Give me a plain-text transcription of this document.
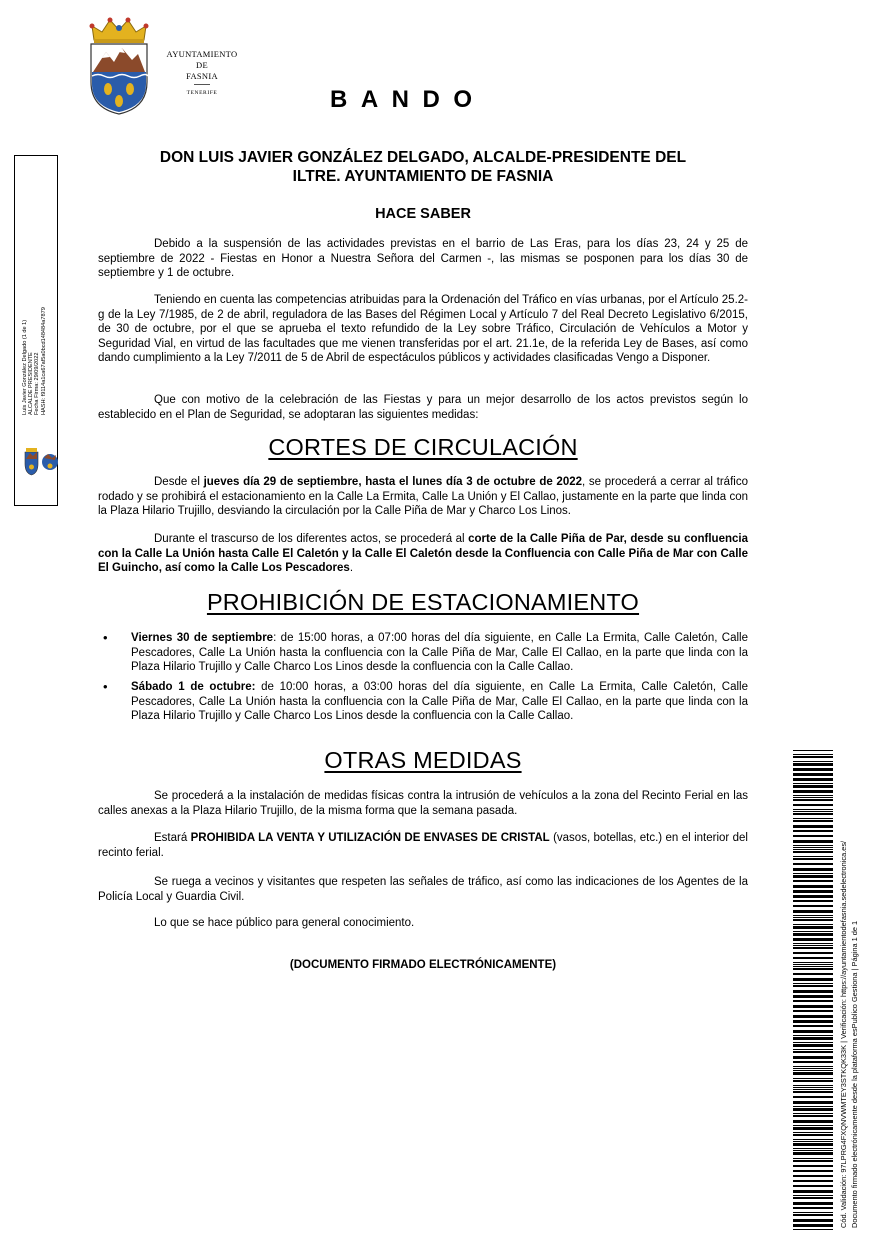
AYUNTAMIENTO
DE
FASNIA
TENERIFE	BANDO
Luis Javier González Delgado (1 de 1) ALCALDE PRESIDENTE Fecha Firma: 29/09/2022 HASH: f9114a1ca67af5a0bcd148484a7879
DON LUIS JAVIER GONZÁLEZ DELGADO, ALCALDE-PRESIDENTE DEL
ILTRE. AYUNTAMIENTO DE FASNIA
HACE SABER

Debido a la suspensión de las actividades previstas en el barrio de Las Eras, para los días 23, 24 y 25 de septiembre de 2022 - Fiestas en Honor a Nuestra Señora del Carmen -, las mismas se posponen para los días 30 de septiembre y 1 de octubre.

Teniendo en cuenta las competencias atribuidas para la Ordenación del Tráfico en vías urbanas, por el Artículo 25.2-g de la Ley 7/1985, de 2 de abril, reguladora de las Bases del Régimen Local y Artículo 7 del Real Decreto Legislativo 6/2015, de 30 de octubre, por el que se aprueba el texto refundido de la Ley sobre Tráfico, Circulación de Vehículos a Motor y Seguridad Vial, en virtud de las facultades que me vienen transferidas por el art. 21.1e, de la referida Ley de Bases, así como dando cumplimiento a la Ley 7/2011 de 5 de Abril de espectáculos públicos y actividades clasificadas Vengo a Disponer.

Que con motivo de la celebración de las Fiestas y para un mejor desarrollo de los actos previstos según lo establecido en el Plan de Seguridad, se adoptaran las siguientes medidas:

CORTES DE CIRCULACIÓN

Desde el jueves día 29 de septiembre, hasta el lunes día 3 de octubre de 2022, se procederá a cerrar al tráfico rodado y se prohibirá el estacionamiento en la Calle La Ermita, Calle La Unión y El Callao, justamente en la parte que linda con la Plaza Hilario Trujillo, desviando la circulación por la Calle Piña de Mar y Charco Los Linos.

Durante el trascurso de los diferentes actos, se procederá al corte de la Calle Piña de Par, desde su confluencia con la Calle La Unión hasta Calle El Caletón y la Calle El Caletón desde la Confluencia con Calle Piña de Mar con Calle El Guincho, así como la Calle Los Pescadores.

PROHIBICIÓN DE ESTACIONAMIENTO

• Viernes 30 de septiembre: de 15:00 horas, a 07:00 horas del día siguiente, en Calle La Ermita, Calle Caletón, Calle Pescadores, Calle La Unión hasta la confluencia con la Calle Piña de Mar, Calle El Callao, en la parte que linda con la Plaza Hilario Trujillo y Calle Charco Los Linos desde la confluencia con la Calle Callao.

• Sábado 1 de octubre: de 10:00 horas, a 03:00 horas del día siguiente, en Calle La Ermita, Calle Caletón, Calle Pescadores, Calle La Unión hasta la confluencia con la Calle Piña de Mar, Calle El Callao, en la parte que linda con la Plaza Hilario Trujillo y Calle Charco Los Linos desde la confluencia con la Calle Callao.

OTRAS MEDIDAS

Se procederá a la instalación de medidas físicas contra la intrusión de vehículos a la zona del Recinto Ferial en las calles anexas a la Plaza Hilario Trujillo, de la misma forma que la semana pasada.

Estará PROHIBIDA LA VENTA Y UTILIZACIÓN DE ENVASES DE CRISTAL (vasos, botellas, etc.) en el interior del recinto ferial.

Se ruega a vecinos y visitantes que respeten las señales de tráfico, así como las indicaciones de los Agentes de la Policía Local y Guardia Civil.

Lo que se hace público para general conocimiento.

(DOCUMENTO FIRMADO ELECTRÓNICAMENTE)	Cód. Validación: 97LPRG4FXQNVWMTEY3STKQK33K | Verificación: https://ayuntamientodefasnia.sedelectronica.es/ Documento firmado electrónicamente desde la plataforma esPublico Gestiona | Página 1 de 1
